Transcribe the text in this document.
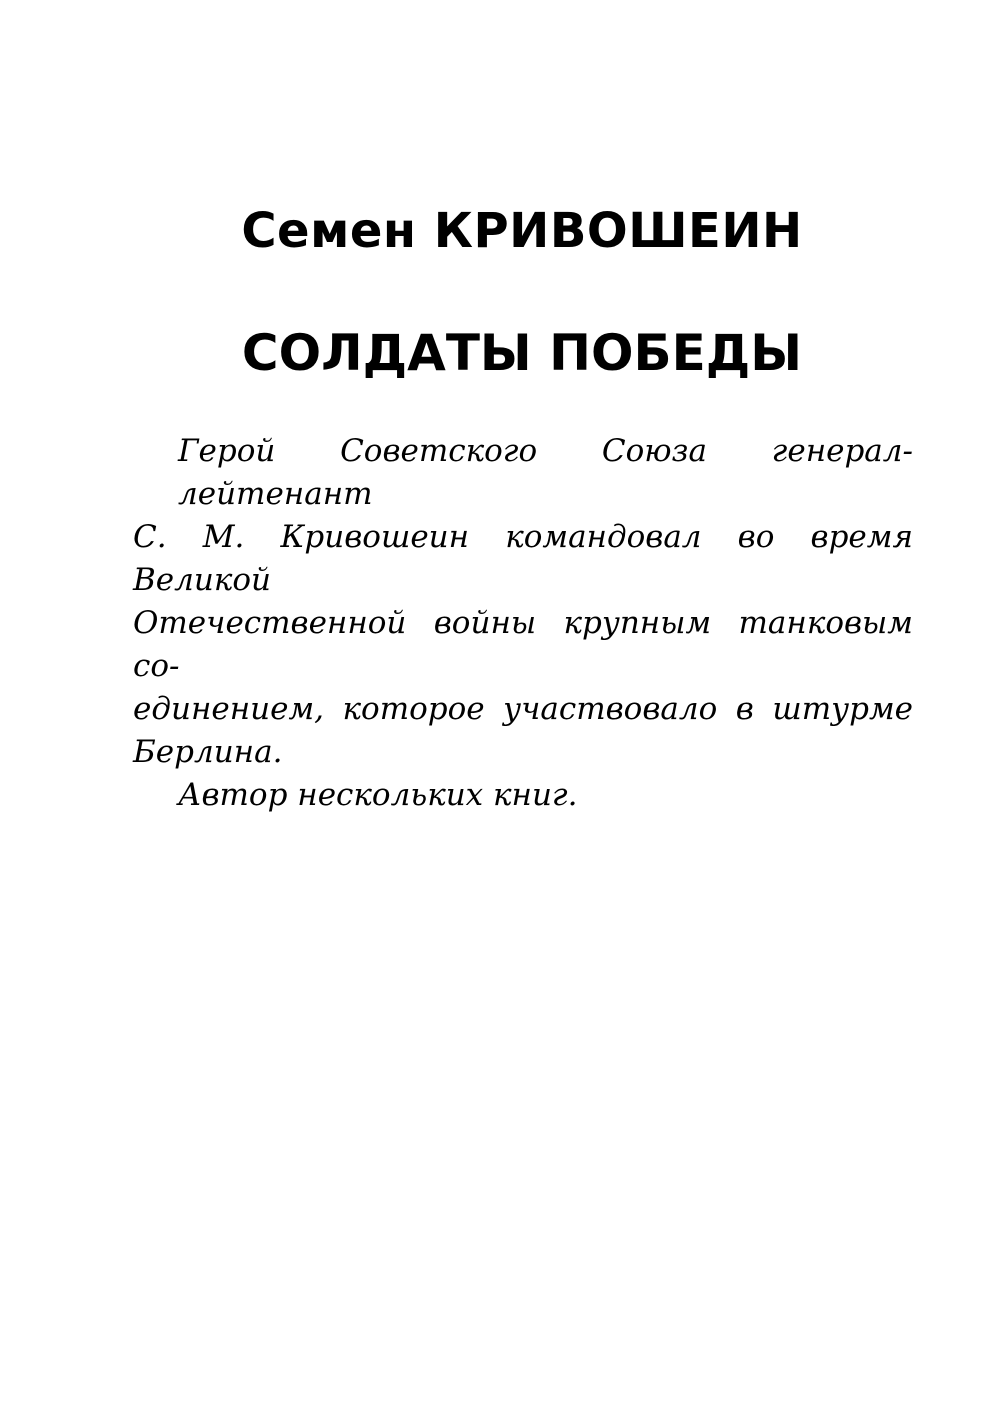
Семен КРИВОШЕИН
СОЛДАТЫ ПОБЕДЫ

Герой Советского Союза генерал-лейтенант
С. М. Кривошеин командовал во время Великой
Отечественной войны крупным танковым со-
единением, которое участвовало в штурме
Берлина.

Автор нескольких книг.
